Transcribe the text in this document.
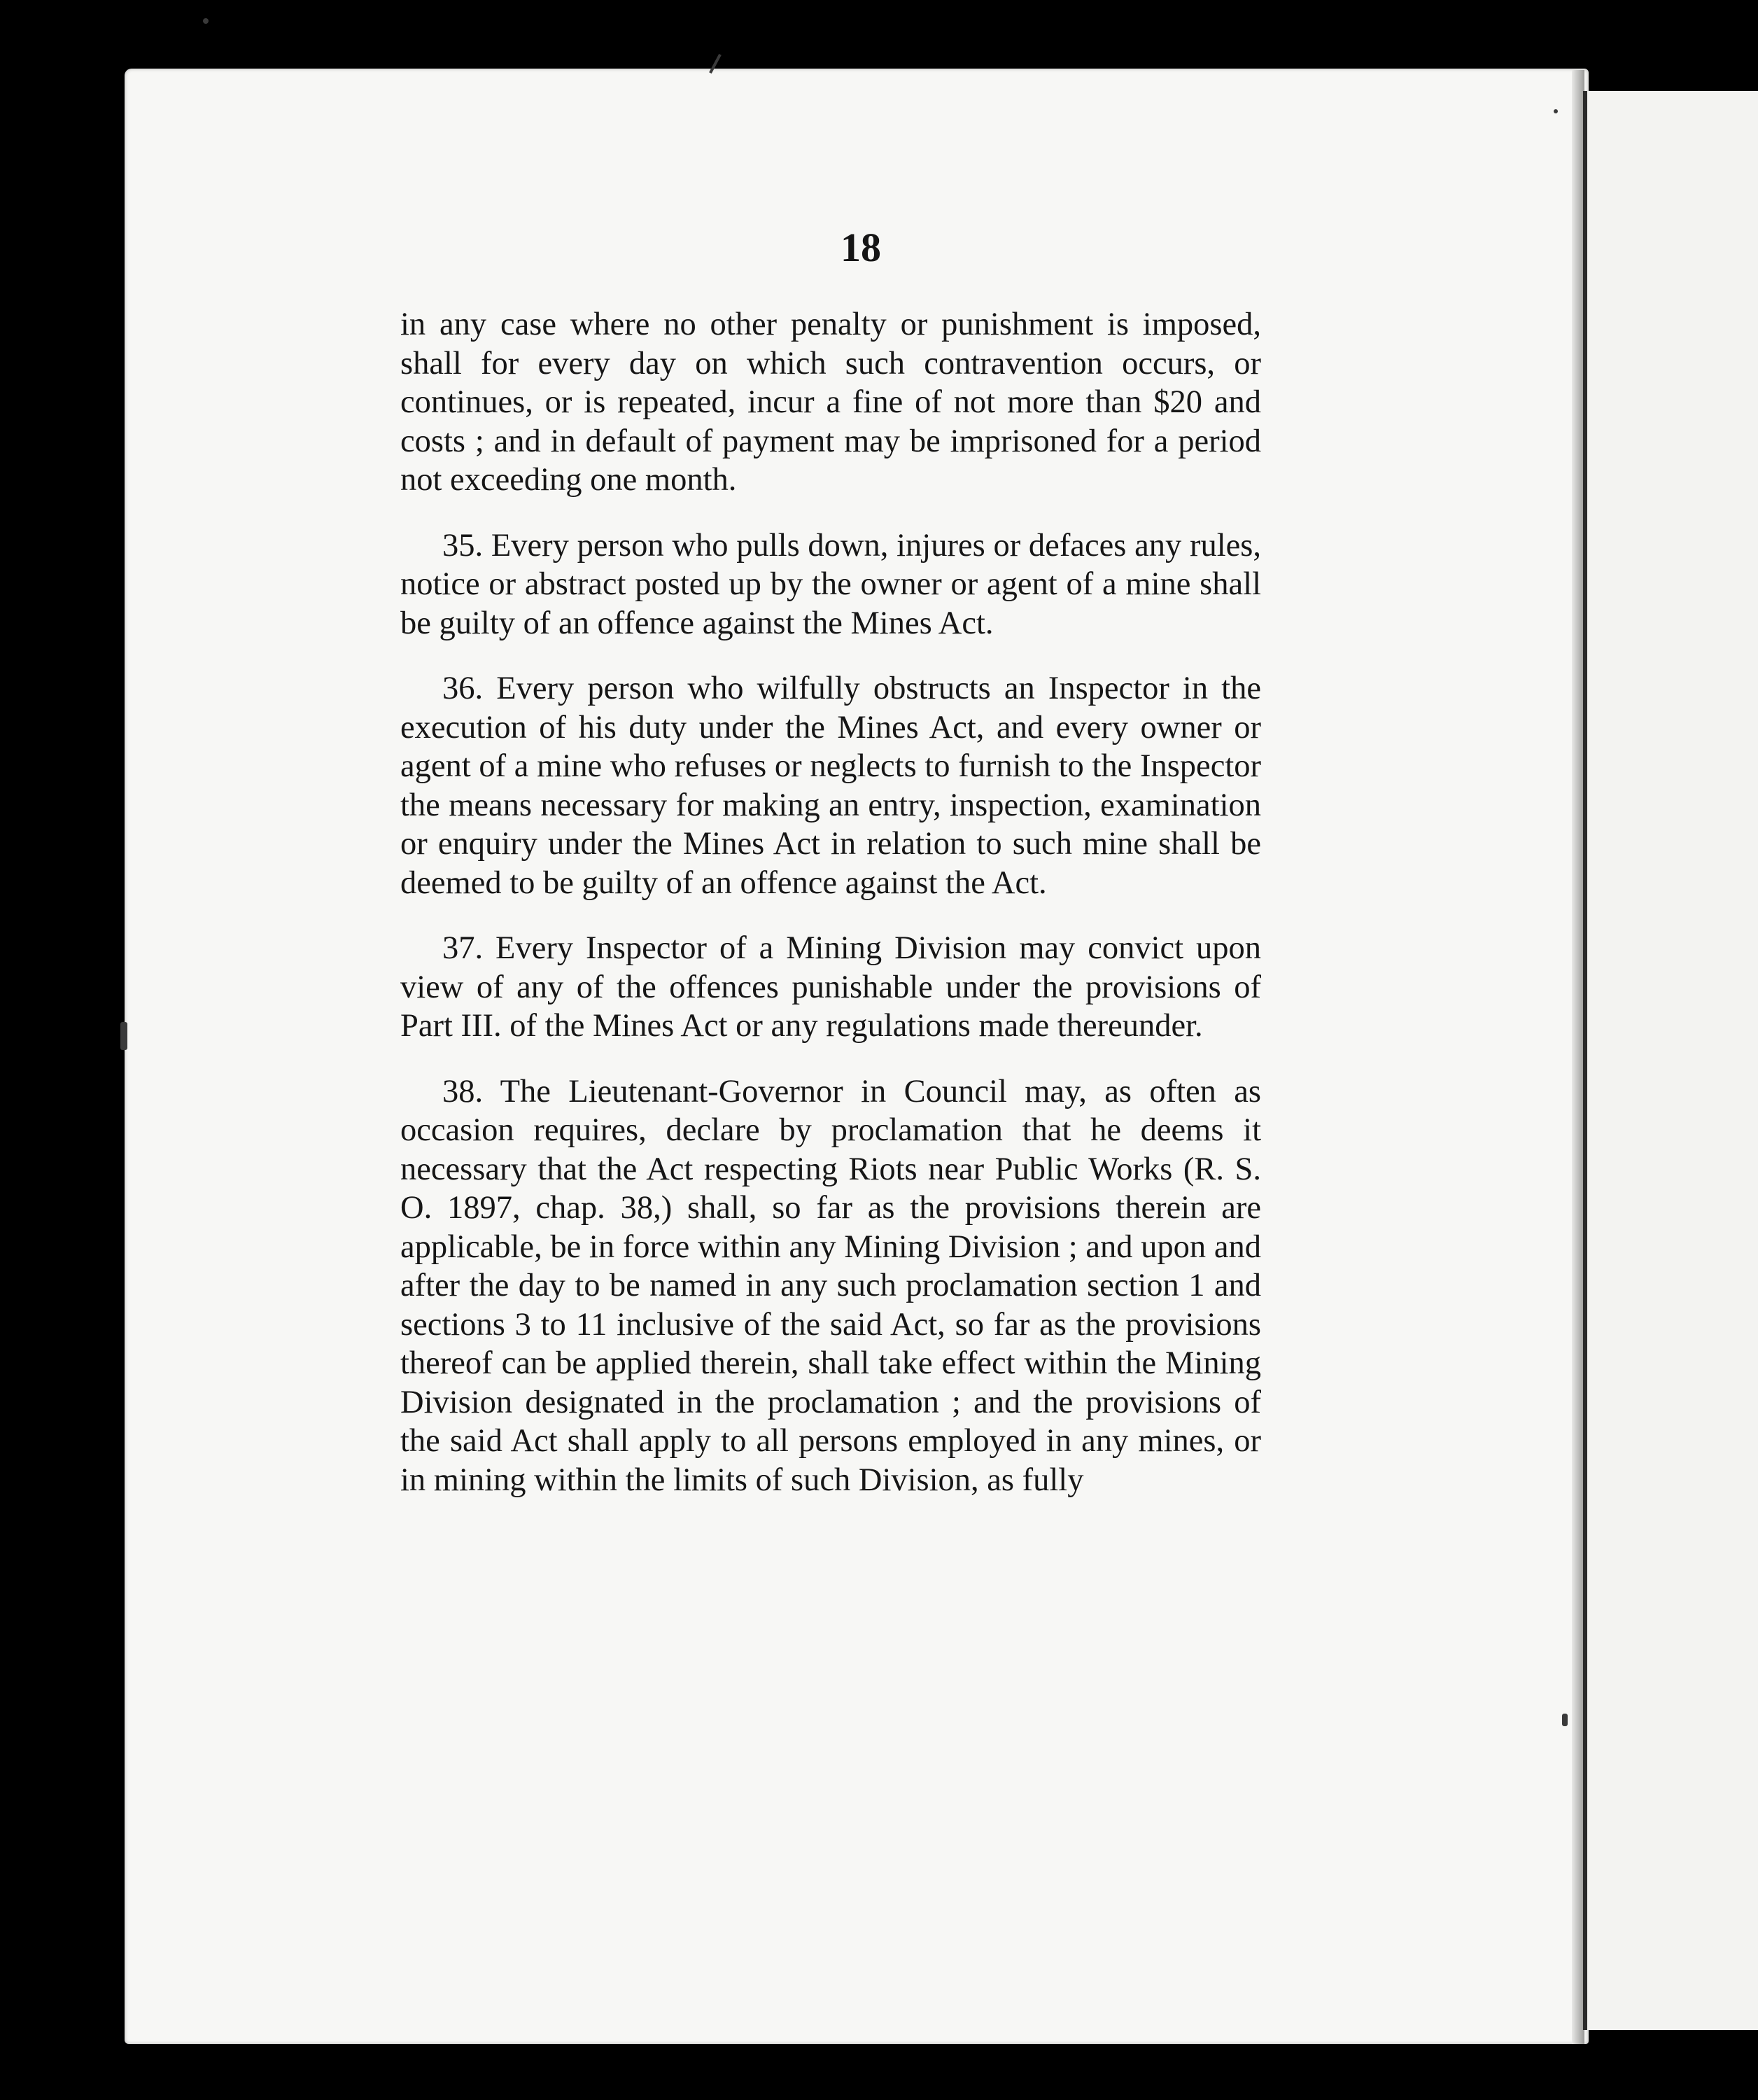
18

in any case where no other penalty or punishment is imposed, shall for every day on which such contravention occurs, or continues, or is repeated, incur a fine of not more than $20 and costs ; and in default of payment may be imprisoned for a period not exceeding one month.

35. Every person who pulls down, injures or defaces any rules, notice or abstract posted up by the owner or agent of a mine shall be guilty of an offence against the Mines Act.

36. Every person who wilfully obstructs an Inspector in the execution of his duty under the Mines Act, and every owner or agent of a mine who refuses or neglects to furnish to the Inspector the means necessary for making an entry, inspection, examination or enquiry under the Mines Act in relation to such mine shall be deemed to be guilty of an offence against the Act.

37. Every Inspector of a Mining Division may convict upon view of any of the offences punishable under the provisions of Part III. of the Mines Act or any regulations made thereunder.

38. The Lieutenant-Governor in Council may, as often as occasion requires, declare by proclamation that he deems it necessary that the Act respecting Riots near Public Works (R. S. O. 1897, chap. 38,) shall, so far as the provisions therein are applicable, be in force within any Mining Division ; and upon and after the day to be named in any such proclamation section 1 and sections 3 to 11 inclusive of the said Act, so far as the provisions thereof can be applied therein, shall take effect within the Mining Division designated in the proclamation ; and the provisions of the said Act shall apply to all persons employed in any mines, or in mining within the limits of such Division, as fully
